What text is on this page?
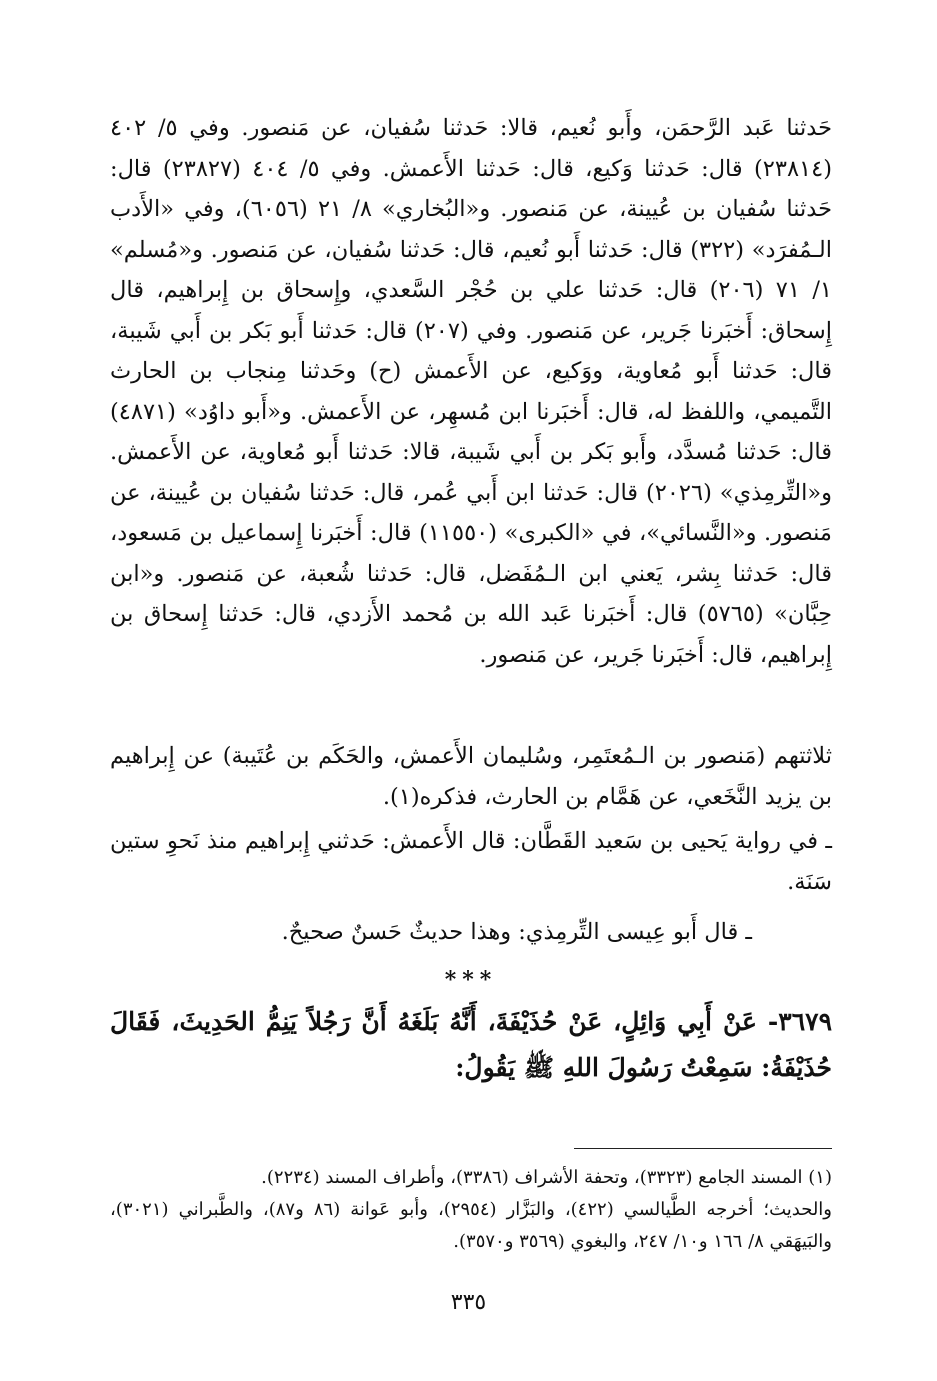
حَدثنا عَبد الرَّحمَن، وأَبو نُعيم، قالا: حَدثنا سُفيان، عن مَنصور. وفي ٥/ ٤٠٢ (٢٣٨١٤) قال: حَدثنا وَكيع، قال: حَدثنا الأَعمش. وفي ٥/ ٤٠٤ (٢٣٨٢٧) قال: حَدثنا سُفيان بن عُيينة، عن مَنصور. و«البُخاري» ٨/ ٢١ (٦٠٥٦)، وفي «الأَدب الـمُفرَد» (٣٢٢) قال: حَدثنا أَبو نُعيم، قال: حَدثنا سُفيان، عن مَنصور. و«مُسلم» ١/ ٧١ (٢٠٦) قال: حَدثنا علي بن حُجْر السَّعدي، وإِسحاق بن إِبراهيم، قال إِسحاق: أَخبَرنا جَرير، عن مَنصور. وفي (٢٠٧) قال: حَدثنا أَبو بَكر بن أَبي شَيبة، قال: حَدثنا أَبو مُعاوية، ووَكيع، عن الأَعمش (ح) وحَدثنا مِنجاب بن الحارث التَّميمي، واللفظ له، قال: أَخبَرنا ابن مُسهِر، عن الأَعمش. و«أَبو داوُد» (٤٨٧١) قال: حَدثنا مُسدَّد، وأَبو بَكر بن أَبي شَيبة، قالا: حَدثنا أَبو مُعاوية، عن الأَعمش. و«التِّرمِذي» (٢٠٢٦) قال: حَدثنا ابن أَبي عُمر، قال: حَدثنا سُفيان بن عُيينة، عن مَنصور. و«النَّسائي»، في «الكبرى» (١١٥٥٠) قال: أَخبَرنا إِسماعيل بن مَسعود، قال: حَدثنا بِشر، يَعني ابن الـمُفَضل، قال: حَدثنا شُعبة، عن مَنصور. و«ابن حِبَّان» (٥٧٦٥) قال: أَخبَرنا عَبد الله بن مُحمد الأَزدي، قال: حَدثنا إِسحاق بن إِبراهيم، قال: أَخبَرنا جَرير، عن مَنصور.

ثلاثتهم (مَنصور بن الـمُعتَمِر، وسُليمان الأَعمش، والحَكَم بن عُتَيبة) عن إِبراهيم بن يزيد النَّخَعي، عن هَمَّام بن الحارث، فذكره(١).

ـ في رواية يَحيى بن سَعيد القَطَّان: قال الأَعمش: حَدثني إِبراهيم منذ نَحوِ ستين سَنَة.

ـ قال أَبو عِيسى التِّرمِذي: وهذا حديثٌ حَسنٌ صحيحٌ.

***

٣٦٧٩- عَنْ أَبِي وَائِلٍ، عَنْ حُذَيْفَةَ، أَنَّهُ بَلَغَهُ أَنَّ رَجُلاً يَنِمُّ الحَدِيثَ، فَقَالَ حُذَيْفَةُ: سَمِعْتُ رَسُولَ اللهِ ﷺ يَقُولُ:

(١) المسند الجامع (٣٣٢٣)، وتحفة الأشراف (٣٣٨٦)، وأطراف المسند (٢٢٣٤).

والحديث؛ أخرجه الطَّيالسي (٤٢٢)، والبَزَّار (٢٩٥٤)، وأبو عَوانة (٨٦ و٨٧)، والطَّبراني (٣٠٢١)، والبَيهَقي ٨/ ١٦٦ و١٠/ ٢٤٧، والبغوي (٣٥٦٩ و٣٥٧٠).

٣٣٥
